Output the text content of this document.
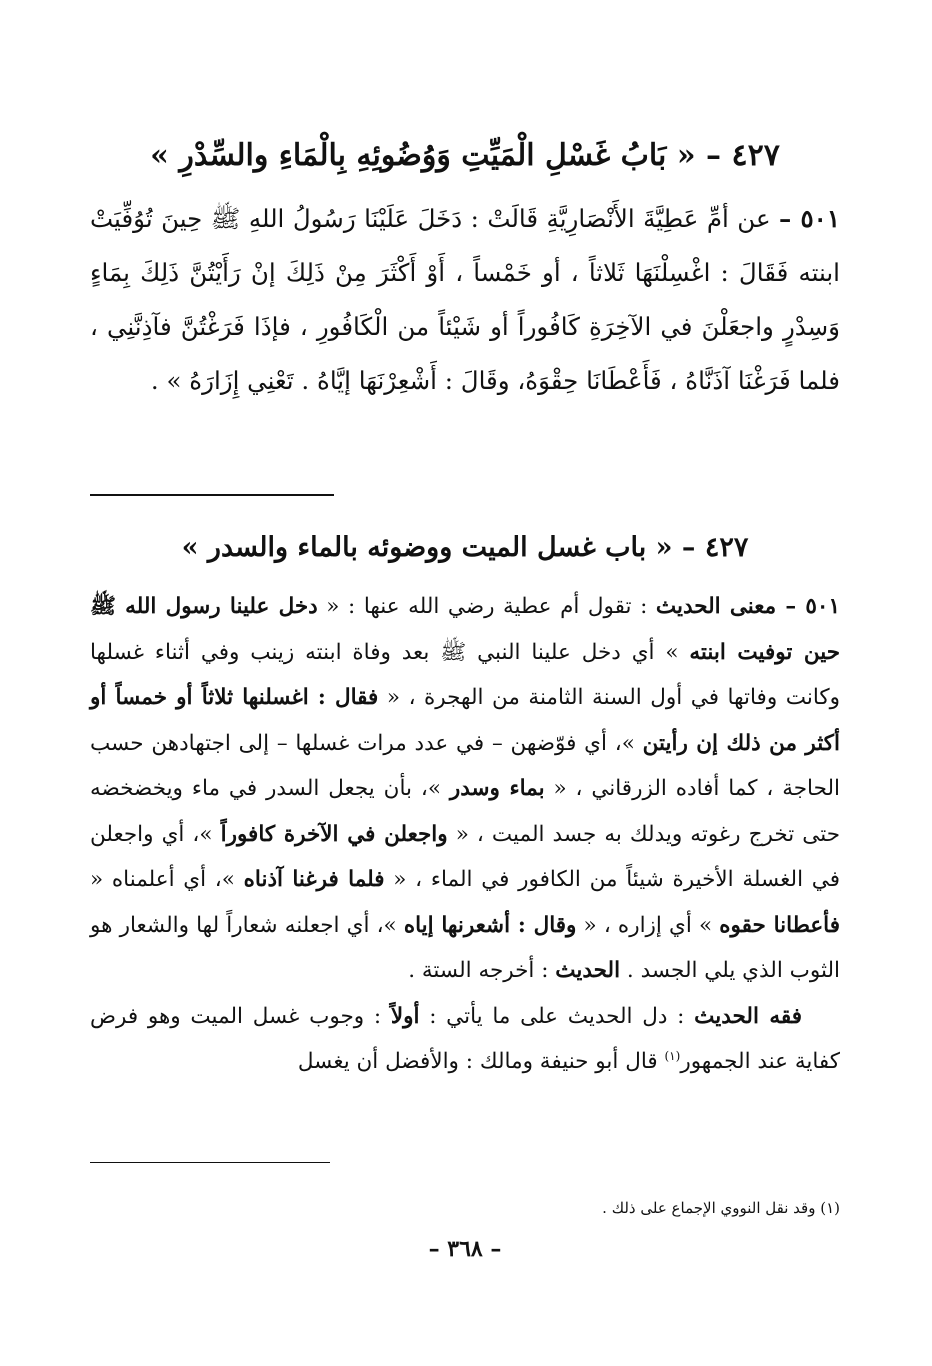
٤٢٧ – « بَابُ غَسْلِ الْمَيِّتِ وَوُضُوئِهِ بِالْمَاءِ والسِّدْرِ »
٥٠١ – عن أمِّ عَطِيَّةَ الأَنْصَارِيَّةِ قَالَتْ : دَخَلَ عَلَيْنَا رَسُولُ اللهِ ﷺ حِينَ تُوُفِّيَتْ ابنته فَقَالَ : اغْسِلْنَهَا ثَلاثاً ، أو خَمْساً ، أَوْ أَكْثَرَ مِنْ ذَلِكَ إنْ رَأَيْتُنَّ ذَلِكَ بِمَاءٍ وَسِدْرٍ واجعَلْنَ في الآخِرَةِ كَافُوراً أو شَيْئاً من الْكَافُورِ ، فإذَا فَرَغْتُنَّ فآذِنَّنِي ، فلما فَرَغْنَا آذَنَّاهُ ، فَأَعْطَانَا حِقْوَهُ، وقَالَ : أَشْعِرْنَهَا إيَّاهُ . تَعْنِي إِزَارَهُ » .
٤٢٧ – « باب غسل الميت ووضوئه بالماء والسدر »

٥٠١ – معنى الحديث : تقول أم عطية رضي الله عنها : « دخل علينا رسول الله ﷺ حين توفيت ابنته » أي دخل علينا النبي ﷺ بعد وفاة ابنته زينب وفي أثناء غسلها وكانت وفاتها في أول السنة الثامنة من الهجرة ، « فقال : اغسلنها ثلاثاً أو خمساً أو أكثر من ذلك إن رأيتن »، أي فوّضهن – في عدد مرات غسلها – إلى اجتهادهن حسب الحاجة ، كما أفاده الزرقاني ، « بماء وسدر »، بأن يجعل السدر في ماء ويخضخضه حتى تخرج رغوته ويدلك به جسد الميت ، « واجعلن في الآخرة كافوراً »، أي واجعلن في الغسلة الأخيرة شيئاً من الكافور في الماء ، « فلما فرغنا آذناه »، أي أعلمناه « فأعطانا حقوه » أي إزاره ، « وقال : أشعرنها إياه »، أي اجعلنه شعاراً لها والشعار هو الثوب الذي يلي الجسد . الحديث : أخرجه الستة .

فقه الحديث : دل الحديث على ما يأتي : أولاً : وجوب غسل الميت وهو فرض كفاية عند الجمهور$^{(١)}$ قال أبو حنيفة ومالك : والأفضل أن يغسل

(١) وقد نقل النووي الإجماع على ذلك .
– ٣٦٨ –
